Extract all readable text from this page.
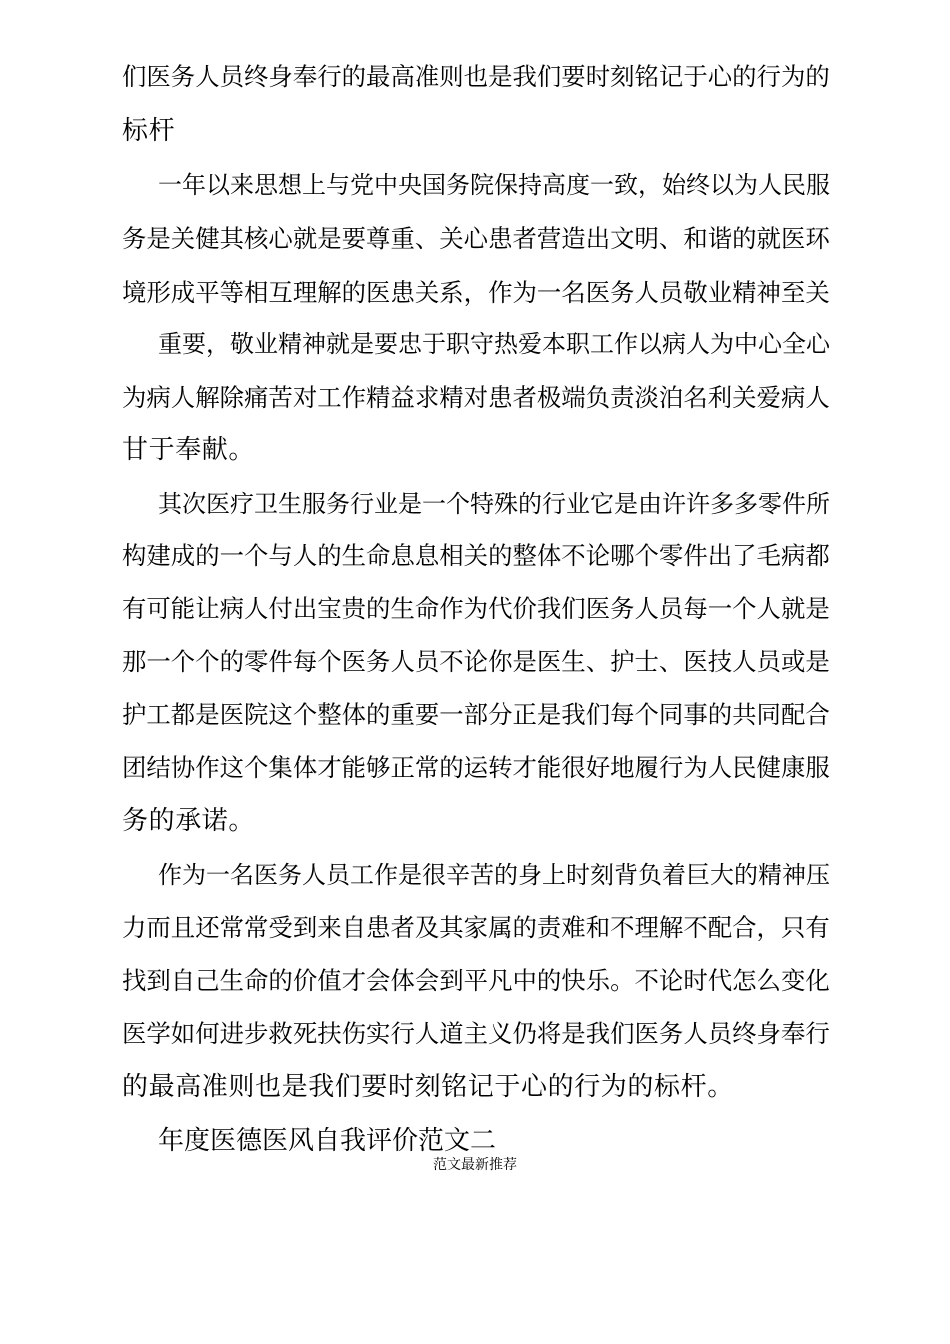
们医务人员终身奉行的最高准则也是我们要时刻铭记于心的行为的
标杆
一年以来思想上与党中央国务院保持高度一致，始终以为人民服
务是关健其核心就是要尊重、关心患者营造出文明、和谐的就医环
境形成平等相互理解的医患关系，作为一名医务人员敬业精神至关
重要，敬业精神就是要忠于职守热爱本职工作以病人为中心全心
为病人解除痛苦对工作精益求精对患者极端负责淡泊名利关爱病人
甘于奉献。
其次医疗卫生服务行业是一个特殊的行业它是由许许多多零件所
构建成的一个与人的生命息息相关的整体不论哪个零件出了毛病都
有可能让病人付出宝贵的生命作为代价我们医务人员每一个人就是
那一个个的零件每个医务人员不论你是医生、护士、医技人员或是
护工都是医院这个整体的重要一部分正是我们每个同事的共同配合
团结协作这个集体才能够正常的运转才能很好地履行为人民健康服
务的承诺。
作为一名医务人员工作是很辛苦的身上时刻背负着巨大的精神压
力而且还常常受到来自患者及其家属的责难和不理解不配合，只有
找到自己生命的价值才会体会到平凡中的快乐。不论时代怎么变化
医学如何进步救死扶伤实行人道主义仍将是我们医务人员终身奉行
的最高准则也是我们要时刻铭记于心的行为的标杆。
年度医德医风自我评价范文二
范文最新推荐
